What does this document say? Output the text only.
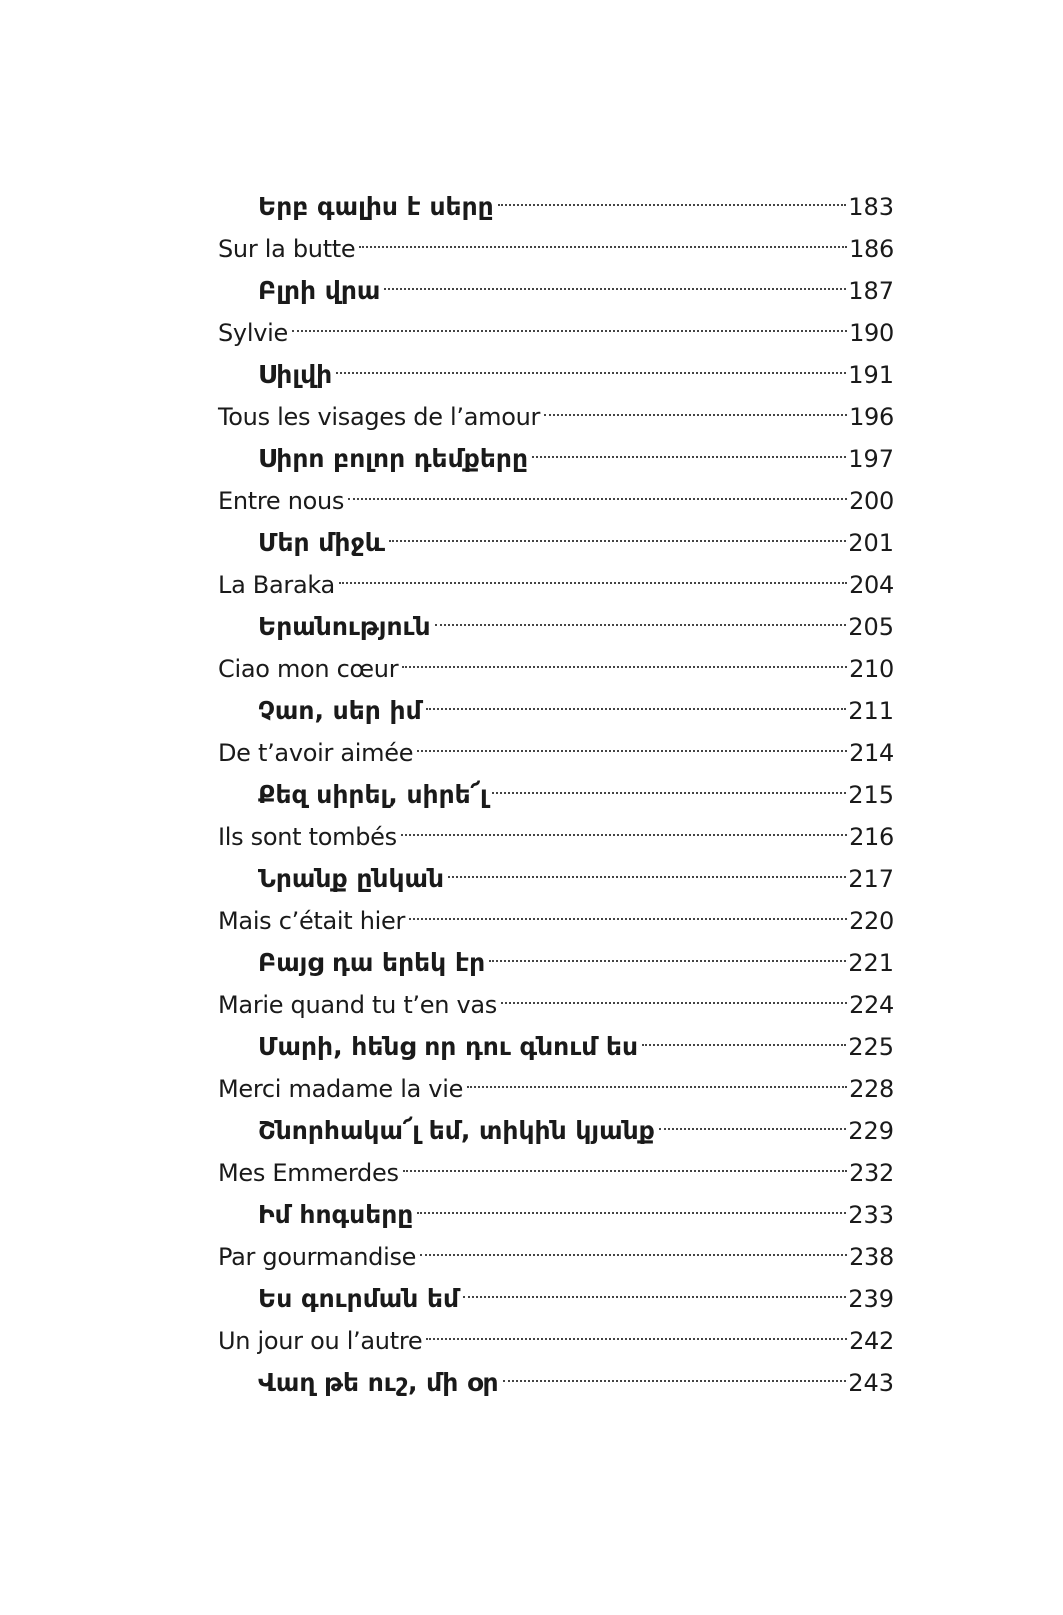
Երբ գալիս է սերը	183
Sur la butte	186
Բլրի վրա	187
Sylvie	190
Սիլվի	191
Tous les visages de l’amour	196
Սիրո բոլոր դեմքերը	197
Entre nous	200
Մեր միջև	201
La Baraka	204
Երանություն	205
Ciao mon cœur	210
Չաո, սեր իմ	211
De t’avoir aimée	214
Քեզ սիրել, սիրե՜լ	215
Ils sont tombés	216
Նրանք ընկան	217
Mais c’était hier	220
Բայց դա երեկ էր	221
Marie quand tu t’en vas	224
Մարի, հենց որ դու գնում ես	225
Merci madame la vie	228
Շնորհակա՜լ եմ, տիկին կյանք	229
Mes Emmerdes	232
Իմ հոգսերը	233
Par gourmandise	238
Ես գուրման եմ	239
Un jour ou l’autre	242
Վաղ թե ուշ, մի օր	243
